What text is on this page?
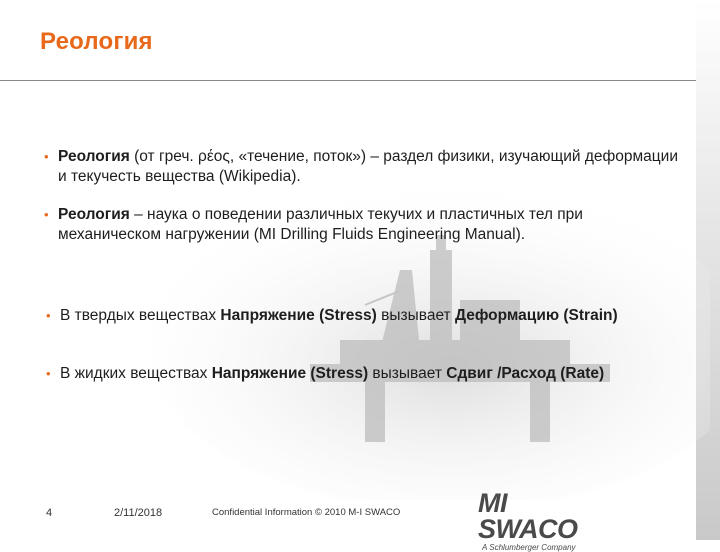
Реология
• Реология (от греч. ρέος, «течение, поток») – раздел физики, изучающий деформации и текучесть вещества (Wikipedia).
• Реология – наука о поведении различных текучих и пластичных тел при механическом нагружении (MI Drilling Fluids Engineering Manual).
• В твердых веществах Напряжение (Stress) вызывает Деформацию (Strain)
• В жидких веществах Напряжение (Stress) вызывает Сдвиг /Расход (Rate)
4	2/11/2018	Confidential Information © 2010 M-I SWACO	MI SWACO
A Schlumberger Company
